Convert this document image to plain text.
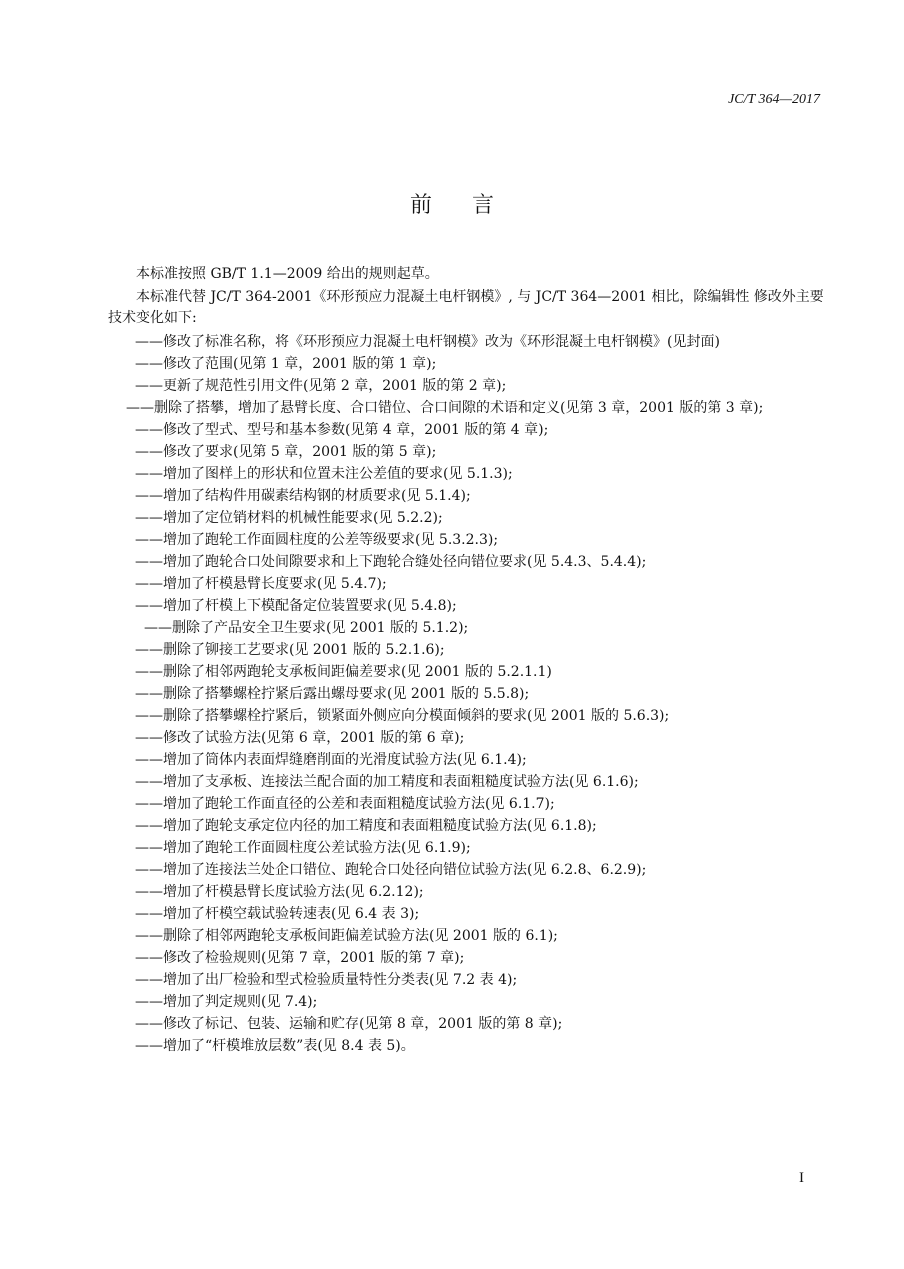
JC/T 364—2017
前言

本标准按照 GB/T 1.1—2009 给出的规则起草。

本标准代替 JC/T 364-2001《环形预应力混凝土电杆钢模》, 与 JC/T 364—2001 相比，除编辑性 修改外主要技术变化如下:

——修改了标准名称，将《环形预应力混凝土电杆钢模》改为《环形混凝土电杆钢模》(见封面)
——修改了范围(见第 1 章，2001 版的第 1 章);
——更新了规范性引用文件(见第 2 章，2001 版的第 2 章);
——删除了搭攀，增加了悬臂长度、合口错位、合口间隙的术语和定义(见第 3 章，2001 版的第 3 章);
——修改了型式、型号和基本参数(见第 4 章，2001 版的第 4 章);
——修改了要求(见第 5 章，2001 版的第 5 章);
——增加了图样上的形状和位置未注公差值的要求(见 5.1.3);
——增加了结构件用碳素结构钢的材质要求(见 5.1.4);
——增加了定位销材料的机械性能要求(见 5.2.2);
——增加了跑轮工作面圆柱度的公差等级要求(见 5.3.2.3);
——增加了跑轮合口处间隙要求和上下跑轮合缝处径向错位要求(见 5.4.3、5.4.4);
——增加了杆模悬臂长度要求(见 5.4.7);
——增加了杆模上下模配备定位装置要求(见 5.4.8);
——删除了产品安全卫生要求(见 2001 版的 5.1.2);
——删除了铆接工艺要求(见 2001 版的 5.2.1.6);
——删除了相邻两跑轮支承板间距偏差要求(见 2001 版的 5.2.1.1)
——删除了搭攀螺栓拧紧后露出螺母要求(见 2001 版的 5.5.8);
——删除了搭攀螺栓拧紧后，锁紧面外侧应向分模面倾斜的要求(见 2001 版的 5.6.3);
——修改了试验方法(见第 6 章，2001 版的第 6 章);
——增加了筒体内表面焊缝磨削面的光滑度试验方法(见 6.1.4);
——增加了支承板、连接法兰配合面的加工精度和表面粗糙度试验方法(见 6.1.6);
——增加了跑轮工作面直径的公差和表面粗糙度试验方法(见 6.1.7);
——增加了跑轮支承定位内径的加工精度和表面粗糙度试验方法(见 6.1.8);
——增加了跑轮工作面圆柱度公差试验方法(见 6.1.9);
——增加了连接法兰处企口错位、跑轮合口处径向错位试验方法(见 6.2.8、6.2.9);
——增加了杆模悬臂长度试验方法(见 6.2.12);
——增加了杆模空载试验转速表(见 6.4 表 3);
——删除了相邻两跑轮支承板间距偏差试验方法(见 2001 版的 6.1);
——修改了检验规则(见第 7 章，2001 版的第 7 章);
——增加了出厂检验和型式检验质量特性分类表(见 7.2 表 4);
——增加了判定规则(见 7.4);
——修改了标记、包装、运输和贮存(见第 8 章，2001 版的第 8 章);
——增加了“杆模堆放层数”表(见 8.4 表 5)。
I
